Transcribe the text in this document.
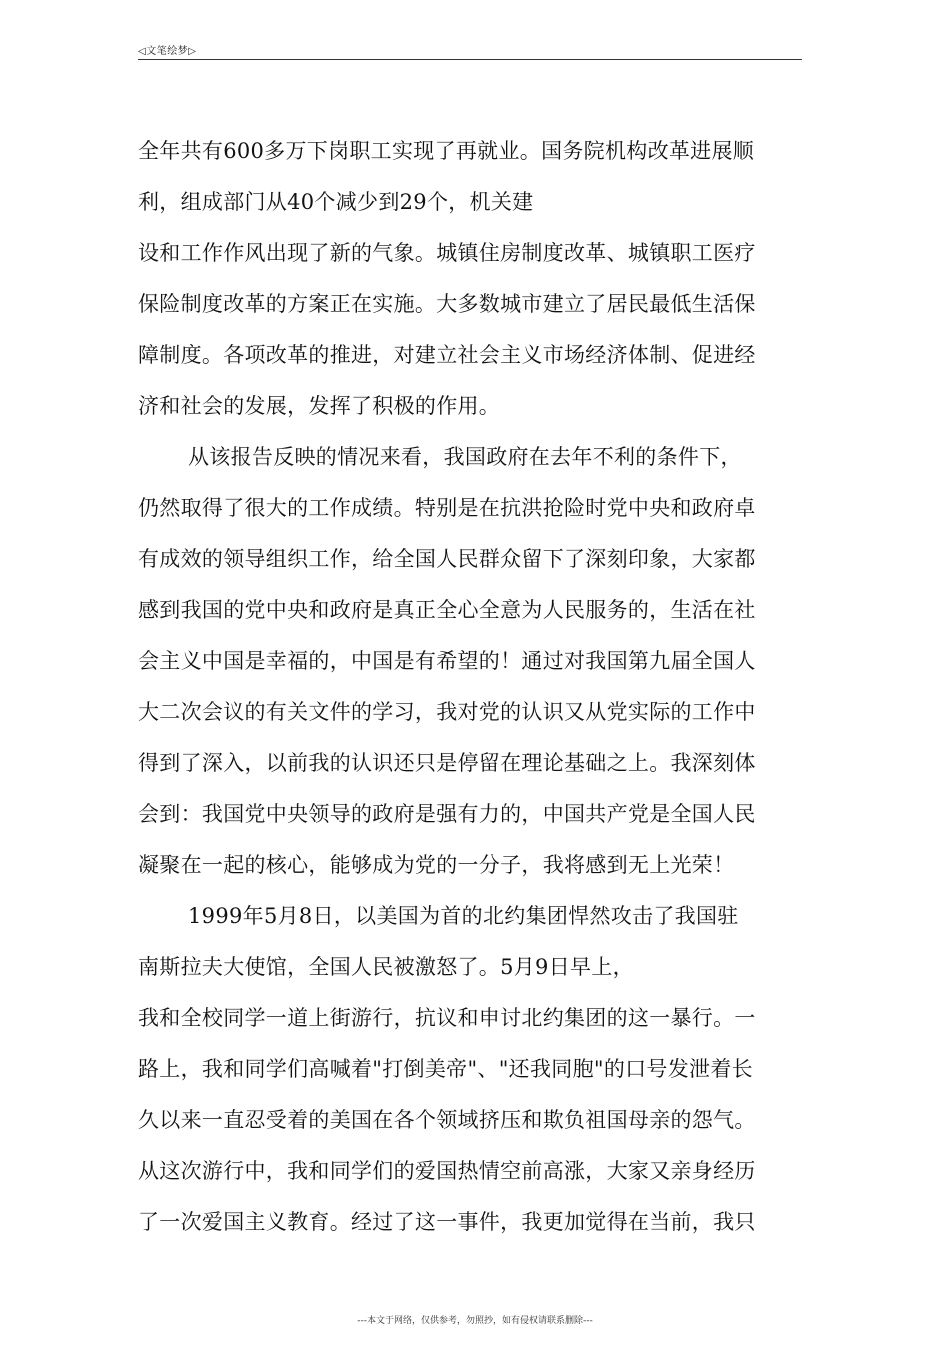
◁文笔绘梦▷
全年共有600多万下岗职工实现了再就业。国务院机构改革进展顺
利，组成部门从40个减少到29个，机关建
设和工作作风出现了新的气象。城镇住房制度改革、城镇职工医疗
保险制度改革的方案正在实施。大多数城市建立了居民最低生活保
障制度。各项改革的推进，对建立社会主义市场经济体制、促进经
济和社会的发展，发挥了积极的作用。
从该报告反映的情况来看，我国政府在去年不利的条件下，
仍然取得了很大的工作成绩。特别是在抗洪抢险时党中央和政府卓
有成效的领导组织工作，给全国人民群众留下了深刻印象，大家都
感到我国的党中央和政府是真正全心全意为人民服务的，生活在社
会主义中国是幸福的，中国是有希望的！通过对我国第九届全国人
大二次会议的有关文件的学习，我对党的认识又从党实际的工作中
得到了深入，以前我的认识还只是停留在理论基础之上。我深刻体
会到：我国党中央领导的政府是强有力的，中国共产党是全国人民
凝聚在一起的核心，能够成为党的一分子，我将感到无上光荣！
1999年5月8日，以美国为首的北约集团悍然攻击了我国驻
南斯拉夫大使馆，全国人民被激怒了。5月9日早上，
我和全校同学一道上街游行，抗议和申讨北约集团的这一暴行。一
路上，我和同学们高喊着"打倒美帝"、"还我同胞"的口号发泄着长
久以来一直忍受着的美国在各个领域挤压和欺负祖国母亲的怨气。
从这次游行中，我和同学们的爱国热情空前高涨，大家又亲身经历
了一次爱国主义教育。经过了这一事件，我更加觉得在当前，我只
---本文于网络，仅供参考，勿照抄，如有侵权请联系删除---
